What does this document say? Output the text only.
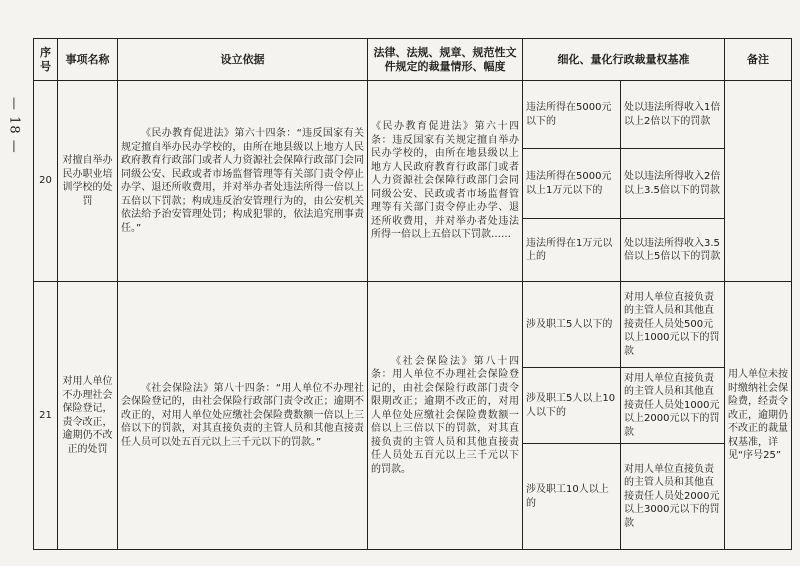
— 18 —
序号	事项名称	设立依据	法律、法规、规章、规范性文件规定的裁量情形、幅度	细化、量化行政裁量权基准		备注
20	对擅自举办民办职业培训学校的处罚	《民办教育促进法》第六十四条：“违反国家有关规定擅自举办民办学校的，由所在地县级以上地方人民政府教育行政部门或者人力资源社会保障行政部门会同同级公安、民政或者市场监督管理等有关部门责令停止办学、退还所收费用，并对举办者处违法所得一倍以上五倍以下罚款；构成违反治安管理行为的，由公安机关依法给予治安管理处罚；构成犯罪的，依法追究刑事责任。”	《民办教育促进法》第六十四条：违反国家有关规定擅自举办民办学校的，由所在地县级以上地方人民政府教育行政部门或者人力资源社会保障行政部门会同同级公安、民政或者市场监督管理等有关部门责令停止办学、退还所收费用，并对举办者处违法所得一倍以上五倍以下罚款……	违法所得在5000元以下的	处以违法所得收入1倍以上2倍以下的罚款	
				违法所得在5000元以上1万元以下的	处以违法所得收入2倍以上3.5倍以下的罚款	
				违法所得在1万元以上的	处以违法所得收入3.5倍以上5倍以下的罚款	
21	对用人单位不办理社会保险登记，责令改正，逾期仍不改正的处罚	《社会保险法》第八十四条：“用人单位不办理社会保险登记的，由社会保险行政部门责令改正；逾期不改正的，对用人单位处应缴社会保险费数额一倍以上三倍以下的罚款，对其直接负责的主管人员和其他直接责任人员可以处五百元以上三千元以下的罚款。”	《社会保险法》第八十四条：用人单位不办理社会保险登记的，由社会保险行政部门责令限期改正；逾期不改正的，对用人单位处应缴社会保险费数额一倍以上三倍以下的罚款，对其直接负责的主管人员和其他直接责任人员处五百元以上三千元以下的罚款。	涉及职工5人以下的	对用人单位直接负责的主管人员和其他直接责任人员处500元以上1000元以下的罚款	用人单位未按时缴纳社会保险费，经责令改正，逾期仍不改正的裁量权基准，详见“序号25”
				涉及职工5人以上10人以下的	对用人单位直接负责的主管人员和其他直接责任人员处1000元以上2000元以下的罚款	
				涉及职工10人以上的	对用人单位直接负责的主管人员和其他直接责任人员处2000元以上3000元以下的罚款	
